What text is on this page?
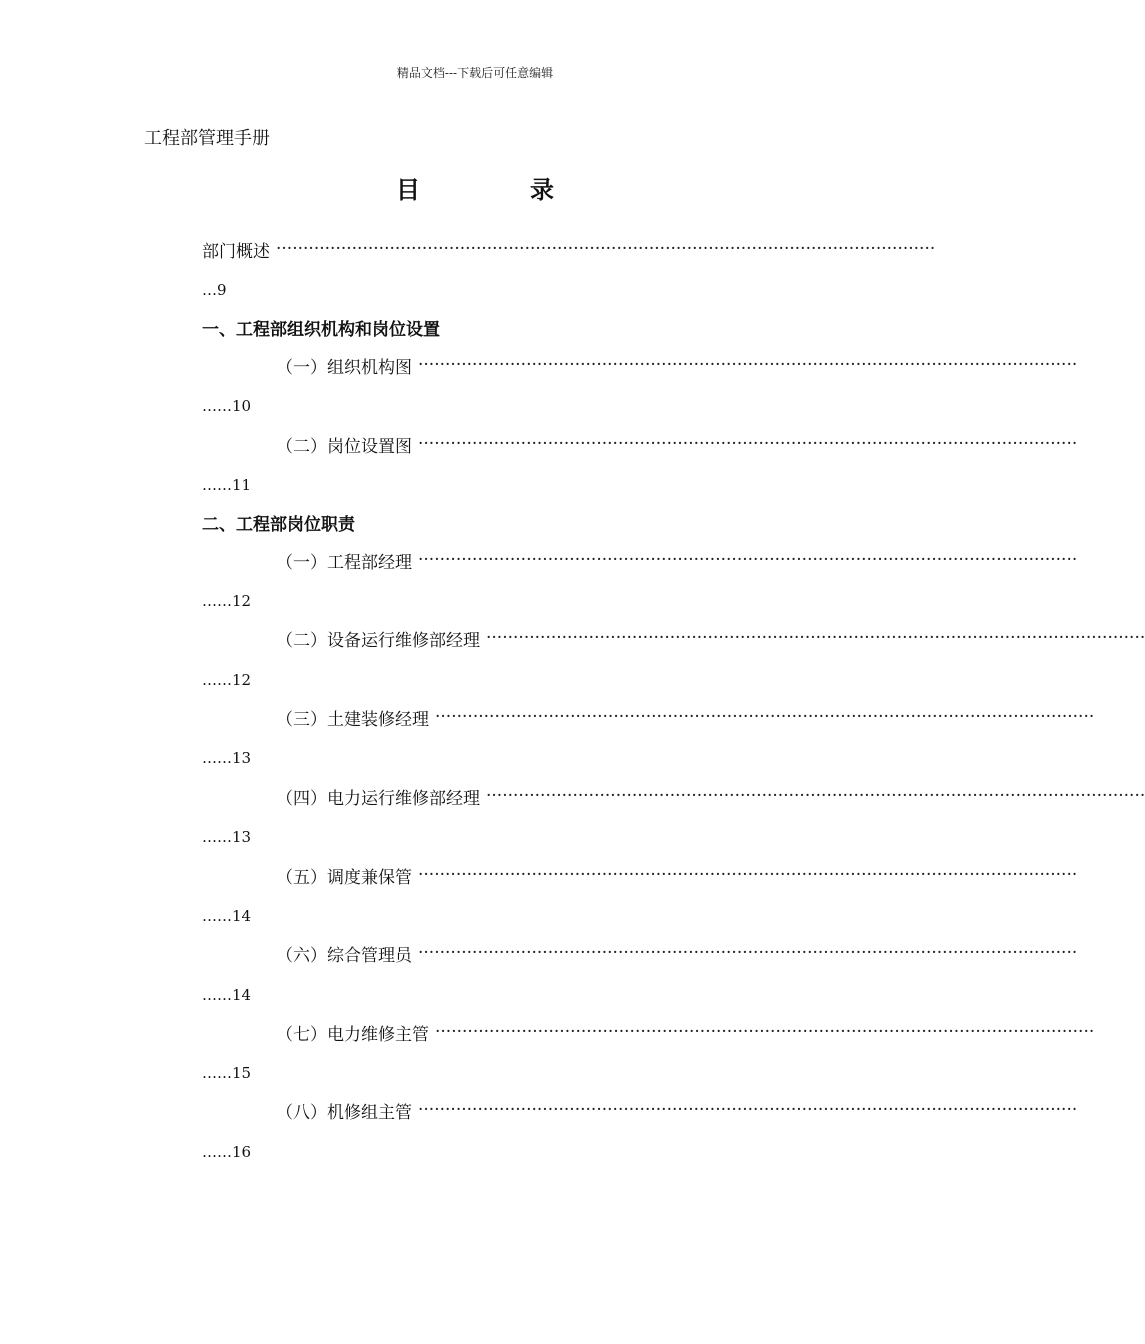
精品文档---下载后可任意编辑
工程部管理手册
目	录
部门概述 ··························································································································
…9
一、工程部组织机构和岗位设置
（一）组织机构图 ··························································································································
……10
（二）岗位设置图 ··························································································································
……11
二、工程部岗位职责
（一）工程部经理 ··························································································································
……12
（二）设备运行维修部经理 ··························································································································
……12
（三）土建装修经理 ··························································································································
……13
（四）电力运行维修部经理 ··························································································································
……13
（五）调度兼保管 ··························································································································
……14
（六）综合管理员 ··························································································································
……14
（七）电力维修主管 ··························································································································
……15
（八）机修组主管 ··························································································································
……16
